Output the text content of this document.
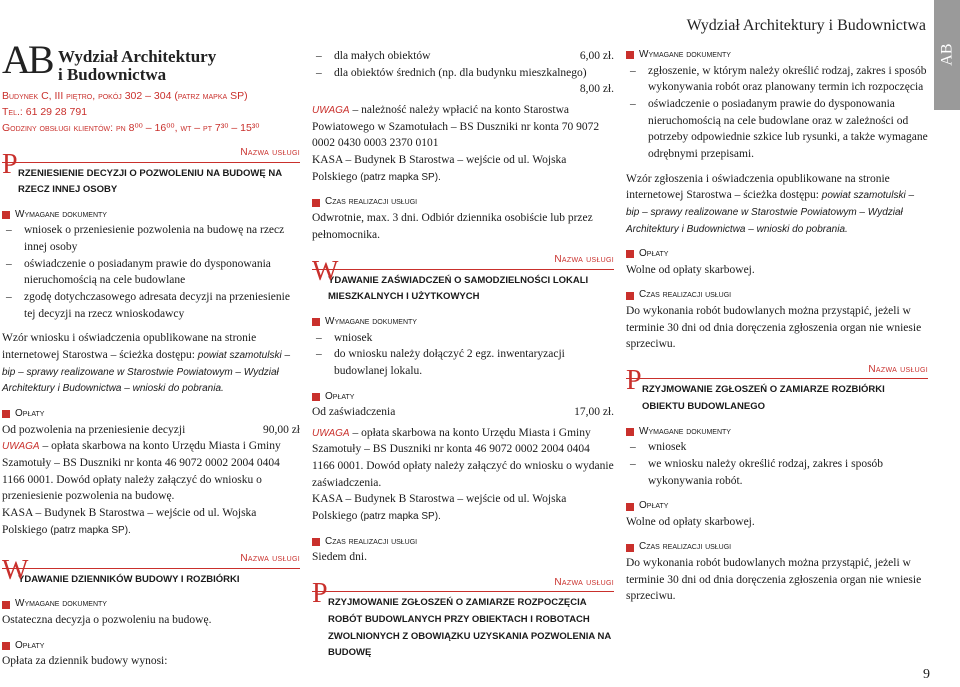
Wydział Architektury i Budownictwa
AB
AB Wydział Architektury
i Budownictwa
Budynek C, III piętro, pokój 302 – 304 (patrz mapka SP)
Tel.: 61 29 28 791
Godziny obsługi klientów: pn 8⁰⁰ – 16⁰⁰, wt – pt 7³⁰ – 15³⁰
Nazwa usługi
P RZENIESIENIE DECYZJI O POZWOLENIU NA BUDOWĘ NA RZECZ INNEJ OSOBY
Wymagane dokumenty
– wniosek o przeniesienie pozwolenia na budowę na rzecz innej osoby
– oświadczenie o posiadanym prawie do dysponowania nieruchomością na cele budowlane
– zgodę dotychczasowego adresata decyzji na przeniesienie tej decyzji na rzecz wnioskodawcy

Wzór wniosku i oświadczenia opublikowane na stronie internetowej Starostwa – ścieżka dostępu: powiat szamotulski – bip – sprawy realizowane w Starostwie Powiatowym – Wydział Architektury i Budownictwa – wnioski do pobrania.

Opłaty
Od pozwolenia na przeniesienie decyzji	90,00 zł

UWAGA – opłata skarbowa na konto Urzędu Miasta i Gminy Szamotuły – BS Duszniki nr konta 46 9072 0002 2004 0404 1166 0001. Dowód opłaty należy załączyć do wniosku o przeniesienie pozwolenia na budowę.

KASA – Budynek B Starostwa – wejście od ul. Wojska Polskiego (patrz mapka SP).

Nazwa usługi
W
YDAWANIE DZIENNIKÓW BUDOWY I ROZBIÓRKI
Wymagane dokumenty

Ostateczna decyzja o pozwoleniu na budowę.

Opłaty

Opłata za dziennik budowy wynosi:

– dla małych obiektów	6,00 zł.
– dla obiektów średnich (np. dla budynku mieszkalnego)
8,00 zł.

UWAGA – należność należy wpłacić na konto Starostwa Powiatowego w Szamotułach – BS Duszniki nr konta 70 9072 0002 0430 0003 2370 0101

KASA – Budynek B Starostwa – wejście od ul. Wojska Polskiego (patrz mapka SP).

Czas realizacji usługi

Odwrotnie, max. 3 dni. Odbiór dziennika osobiście lub przez pełnomocnika.

Nazwa usługi
W
YDAWANIE ZAŚWIADCZEŃ O SAMODZIELNOŚCI LOKALI MIESZKALNYCH I UŻYTKOWYCH
Wymagane dokumenty
– wniosek
– do wniosku należy dołączyć 2 egz. inwentaryzacji budowlanej lokalu.
Opłaty
Od zaświadczenia	17,00 zł.

UWAGA – opłata skarbowa na konto Urzędu Miasta i Gminy Szamotuły – BS Duszniki nr konta 46 9072 0002 2004 0404 1166 0001. Dowód opłaty należy załączyć do wniosku o wydanie zaświadczenia.

KASA – Budynek B Starostwa – wejście od ul. Wojska Polskiego (patrz mapka SP).

Czas realizacji usługi

Siedem dni.

Nazwa usługi
P RZYJMOWANIE ZGŁOSZEŃ O ZAMIARZE ROZPOCZĘCIA ROBÓT BUDOWLANYCH PRZY OBIEKTACH I ROBOTACH ZWOLNIONYCH Z OBOWIĄZKU UZYSKANIA POZWOLENIA NA BUDOWĘ
Wymagane dokumenty
– zgłoszenie, w którym należy określić rodzaj, zakres i sposób wykonywania robót oraz planowany termin ich rozpoczęcia
– oświadczenie o posiadanym prawie do dysponowania nieruchomością na cele budowlane oraz w zależności od potrzeby odpowiednie szkice lub rysunki, a także wymagane odrębnymi przepisami.

Wzór zgłoszenia i oświadczenia opublikowane na stronie internetowej Starostwa – ścieżka dostępu: powiat szamotulski – bip – sprawy realizowane w Starostwie Powiatowym – Wydział Architektury i Budownictwa – wnioski do pobrania.

Opłaty

Wolne od opłaty skarbowej.

Czas realizacji usługi

Do wykonania robót budowlanych można przystąpić, jeżeli w terminie 30 dni od dnia doręczenia zgłoszenia organ nie wniesie sprzeciwu.

Nazwa usługi
P RZYJMOWANIE ZGŁOSZEŃ O ZAMIARZE ROZBIÓRKI OBIEKTU BUDOWLANEGO
Wymagane dokumenty
– wniosek
– we wniosku należy określić rodzaj, zakres i sposób wykonywania robót.
Opłaty

Wolne od opłaty skarbowej.

Czas realizacji usługi

Do wykonania robót budowlanych można przystąpić, jeżeli w terminie 30 dni od dnia doręczenia zgłoszenia organ nie wniesie sprzeciwu.

9
